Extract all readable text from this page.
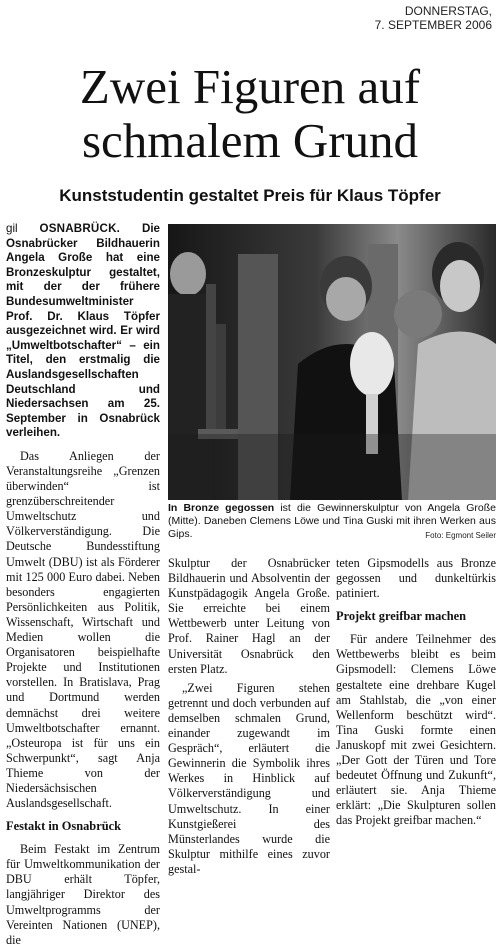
DONNERSTAG,
7. SEPTEMBER 2006
Zwei Figuren auf
schmalem Grund
Kunststudentin gestaltet Preis für Klaus Töpfer

gil OSNABRÜCK. Die Osnabrücker Bildhauerin Angela Große hat eine Bronzeskulptur gestaltet, mit der der frühere Bundesumweltminister Prof. Dr. Klaus Töpfer ausgezeichnet wird. Er wird „Umweltbotschafter“ – ein Titel, den erstmalig die Auslandsgesellschaften Deutschland und Niedersachsen am 25. September in Osnabrück verleihen.

Das Anliegen der Veranstaltungsreihe „Grenzen überwinden“ ist grenzüberschreitender Umweltschutz und Völkerverständigung. Die Deutsche Bundesstiftung Umwelt (DBU) ist als Förderer mit 125 000 Euro dabei. Neben besonders engagierten Persönlichkeiten aus Politik, Wissenschaft, Wirtschaft und Medien wollen die Organisatoren beispielhafte Projekte und Institutionen vorstellen. In Bratislava, Prag und Dortmund werden demnächst drei weitere Umweltbotschafter ernannt. „Osteuropa ist für uns ein Schwerpunkt“, sagt Anja Thieme von der Niedersächsischen Auslandsgesellschaft.

Festakt in Osnabrück

Beim Festakt im Zentrum für Umweltkommunikation der DBU erhält Töpfer, langjähriger Direktor des Umweltprogramms der Vereinten Nationen (UNEP), die

In Bronze gegossen ist die Gewinnerskulptur von Angela Große (Mitte). Daneben Clemens Löwe und Tina Guski mit ihren Werken aus Gips.	Foto: Egmont Seiler

Skulptur der Osnabrücker Bildhauerin und Absolventin der Kunstpädagogik Angela Große. Sie erreichte bei einem Wettbewerb unter Leitung von Prof. Rainer Hagl an der Universität Osnabrück den ersten Platz.

„Zwei Figuren stehen getrennt und doch verbunden auf demselben schmalen Grund, einander zugewandt im Gespräch“, erläutert die Gewinnerin die Symbolik ihres Werkes in Hinblick auf Völkerverständigung und Umweltschutz. In einer Kunstgießerei des Münsterlandes wurde die Skulptur mithilfe eines zuvor gestal-

teten Gipsmodells aus Bronze gegossen und dunkeltürkis patiniert.

Projekt greifbar machen

Für andere Teilnehmer des Wettbewerbs bleibt es beim Gipsmodell: Clemens Löwe gestaltete eine drehbare Kugel am Stahlstab, die „von einer Wellenform beschützt wird“. Tina Guski formte einen Januskopf mit zwei Gesichtern. „Der Gott der Türen und Tore bedeutet Öffnung und Zukunft“, erläutert sie. Anja Thieme erklärt: „Die Skulpturen sollen das Projekt greifbar machen.“
